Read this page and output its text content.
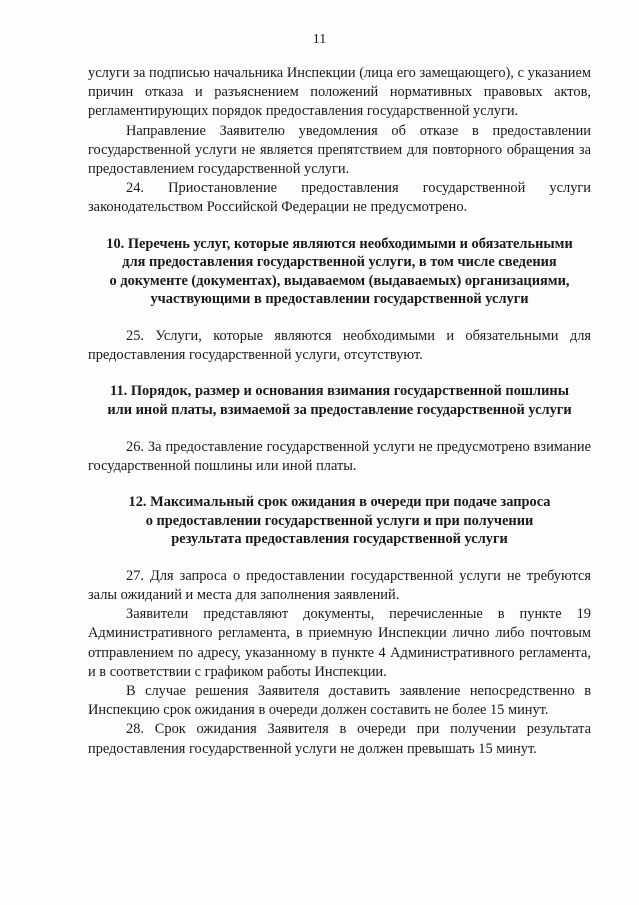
11

услуги за подписью начальника Инспекции (лица его замещающего), с указанием причин отказа и разъяснением положений нормативных правовых актов, регламентирующих порядок предоставления государственной услуги.

Направление Заявителю уведомления об отказе в предоставлении государственной услуги не является препятствием для повторного обращения за предоставлением государственной услуги.

24. Приостановление предоставления государственной услуги законодательством Российской Федерации не предусмотрено.

10. Перечень услуг, которые являются необходимыми и обязательными
для предоставления государственной услуги, в том числе сведения
о документе (документах), выдаваемом (выдаваемых) организациями,
участвующими в предоставлении государственной услуги

25. Услуги, которые являются необходимыми и обязательными для предоставления государственной услуги, отсутствуют.

11. Порядок, размер и основания взимания государственной пошлины
или иной платы, взимаемой за предоставление государственной услуги

26. За предоставление государственной услуги не предусмотрено взимание государственной пошлины или иной платы.

12. Максимальный срок ожидания в очереди при подаче запроса
о предоставлении государственной услуги и при получении
результата предоставления государственной услуги

27. Для запроса о предоставлении государственной услуги не требуются залы ожиданий и места для заполнения заявлений.

Заявители представляют документы, перечисленные в пункте 19 Административного регламента, в приемную Инспекции лично либо почтовым отправлением по адресу, указанному в пункте 4 Административного регламента, и в соответствии с графиком работы Инспекции.

В случае решения Заявителя доставить заявление непосредственно в Инспекцию срок ожидания в очереди должен составить не более 15 минут.

28. Срок ожидания Заявителя в очереди при получении результата предоставления государственной услуги не должен превышать 15 минут.
